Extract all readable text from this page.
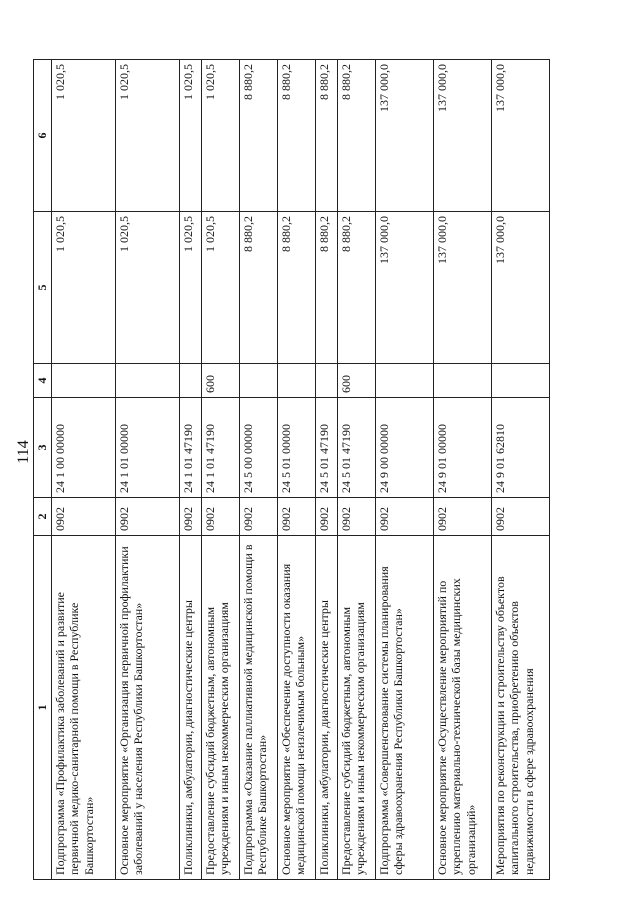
114
1	2	3	4	5	6
Подпрограмма «Профилактика заболеваний и развитие первичной медико-санитарной помощи в Республике Башкортостан»	0902	24 1 00 00000		1 020,5	1 020,5
Основное мероприятие «Организация первичной профилактики заболеваний у населения Республики Башкортостан»	0902	24 1 01 00000		1 020,5	1 020,5
Поликлиники, амбулатории, диагностические центры	0902	24 1 01 47190		1 020,5	1 020,5
Предоставление субсидий бюджетным, автономным учреждениям и иным некоммерческим организациям	0902	24 1 01 47190	600	1 020,5	1 020,5
Подпрограмма «Оказание паллиативной медицинской помощи в Республике Башкортостан»	0902	24 5 00 00000		8 880,2	8 880,2
Основное мероприятие «Обеспечение доступности оказания медицинской помощи неизлечимым больным»	0902	24 5 01 00000		8 880,2	8 880,2
Поликлиники, амбулатории, диагностические центры	0902	24 5 01 47190		8 880,2	8 880,2
Предоставление субсидий бюджетным, автономным учреждениям и иным некоммерческим организациям	0902	24 5 01 47190	600	8 880,2	8 880,2
Подпрограмма «Совершенствование системы планирования сферы здравоохранения Республики Башкортостан»	0902	24 9 00 00000		137 000,0	137 000,0
Основное мероприятие «Осуществление мероприятий по укреплению материально-технической базы медицинских организаций»	0902	24 9 01 00000		137 000,0	137 000,0
Мероприятия по реконструкции и строительству объектов капитального строительства, приобретению объектов недвижимости в сфере здравоохранения	0902	24 9 01 62810		137 000,0	137 000,0
